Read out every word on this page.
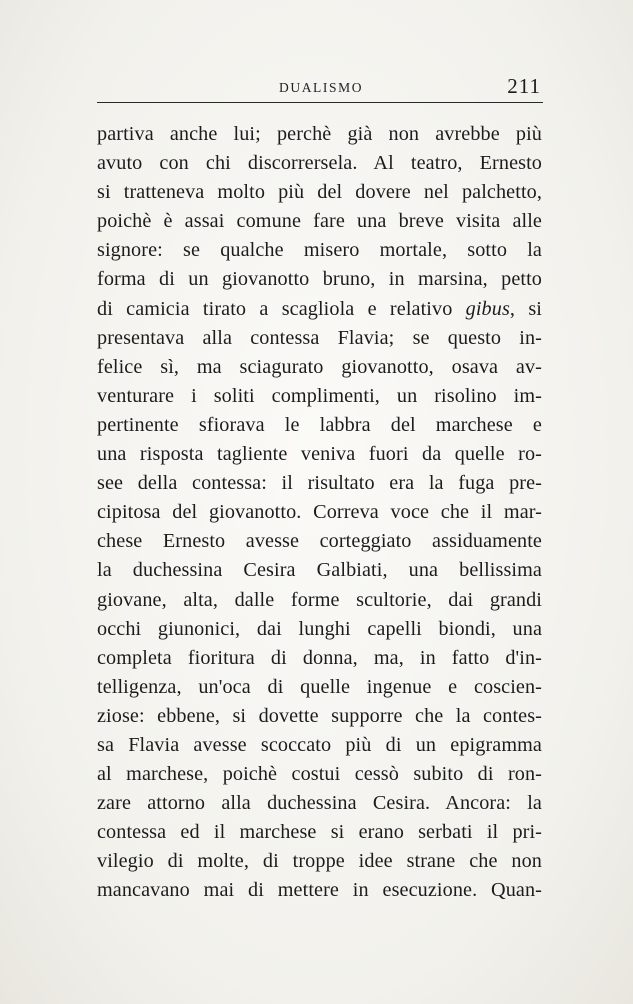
DUALISMO	211
partiva anche lui; perchè già non avrebbe più
avuto con chi discorrersela. Al teatro, Ernesto
si tratteneva molto più del dovere nel palchetto,
poichè è assai comune fare una breve visita alle
signore: se qualche misero mortale, sotto la
forma di un giovanotto bruno, in marsina, petto
di camicia tirato a scagliola e relativo gibus, si
presentava alla contessa Flavia; se questo in-
felice sì, ma sciagurato giovanotto, osava av-
venturare i soliti complimenti, un risolino im-
pertinente sfiorava le labbra del marchese e
una risposta tagliente veniva fuori da quelle ro-
see della contessa: il risultato era la fuga pre-
cipitosa del giovanotto. Correva voce che il mar-
chese Ernesto avesse corteggiato assiduamente
la duchessina Cesira Galbiati, una bellissima
giovane, alta, dalle forme scultorie, dai grandi
occhi giunonici, dai lunghi capelli biondi, una
completa fioritura di donna, ma, in fatto d'in-
telligenza, un'oca di quelle ingenue e coscien-
ziose: ebbene, si dovette supporre che la contes-
sa Flavia avesse scoccato più di un epigramma
al marchese, poichè costui cessò subito di ron-
zare attorno alla duchessina Cesira. Ancora: la
contessa ed il marchese si erano serbati il pri-
vilegio di molte, di troppe idee strane che non
mancavano mai di mettere in esecuzione. Quan-
